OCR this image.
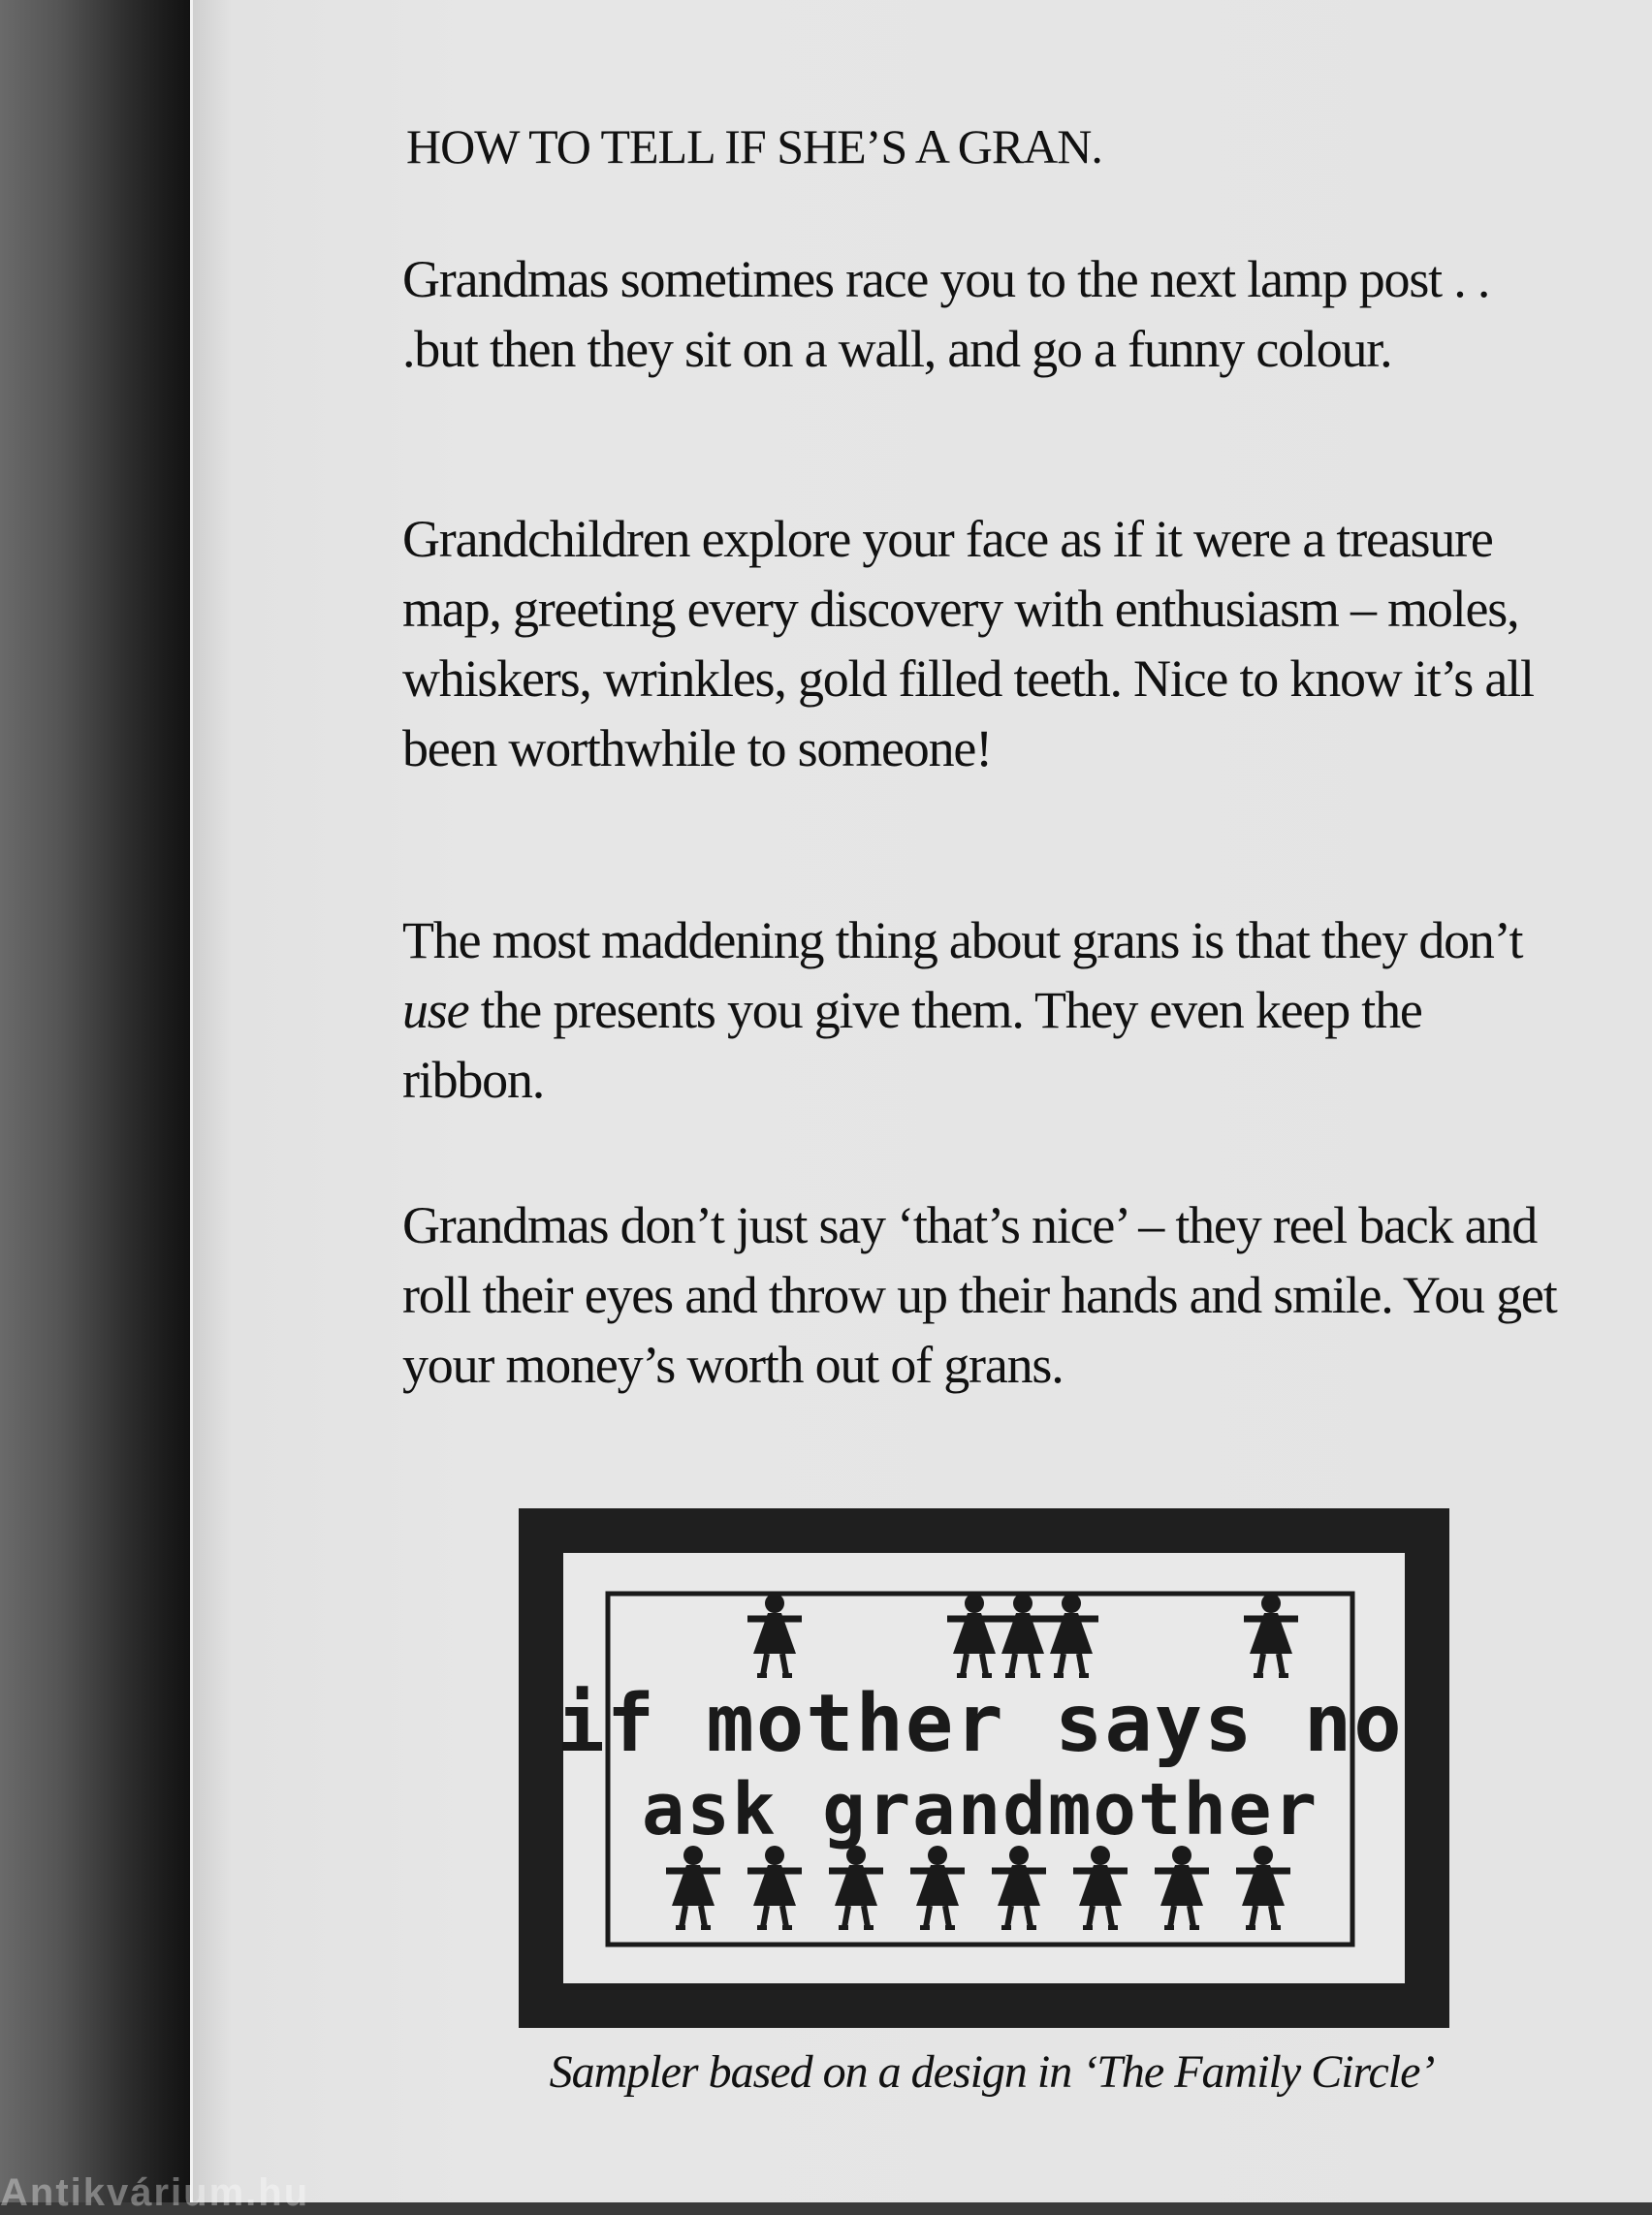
HOW TO TELL IF SHE’S A GRAN.

Grandmas sometimes race you to the next lamp post . . .but then they sit on a wall, and go a funny colour.

Grandchildren explore your face as if it were a treasure map, greeting every discovery with enthusiasm – moles, whiskers, wrinkles, gold filled teeth. Nice to know it’s all been worthwhile to someone!

The most maddening thing about grans is that they don’t use the presents you give them. They even keep the ribbon.

Grandmas don’t just say ‘that’s nice’ – they reel back and roll their eyes and throw up their hands and smile. You get your money’s worth out of grans.

if mother says no
ask grandmother

Sampler based on a design in ‘The Family Circle’

Antikvárium.hu
